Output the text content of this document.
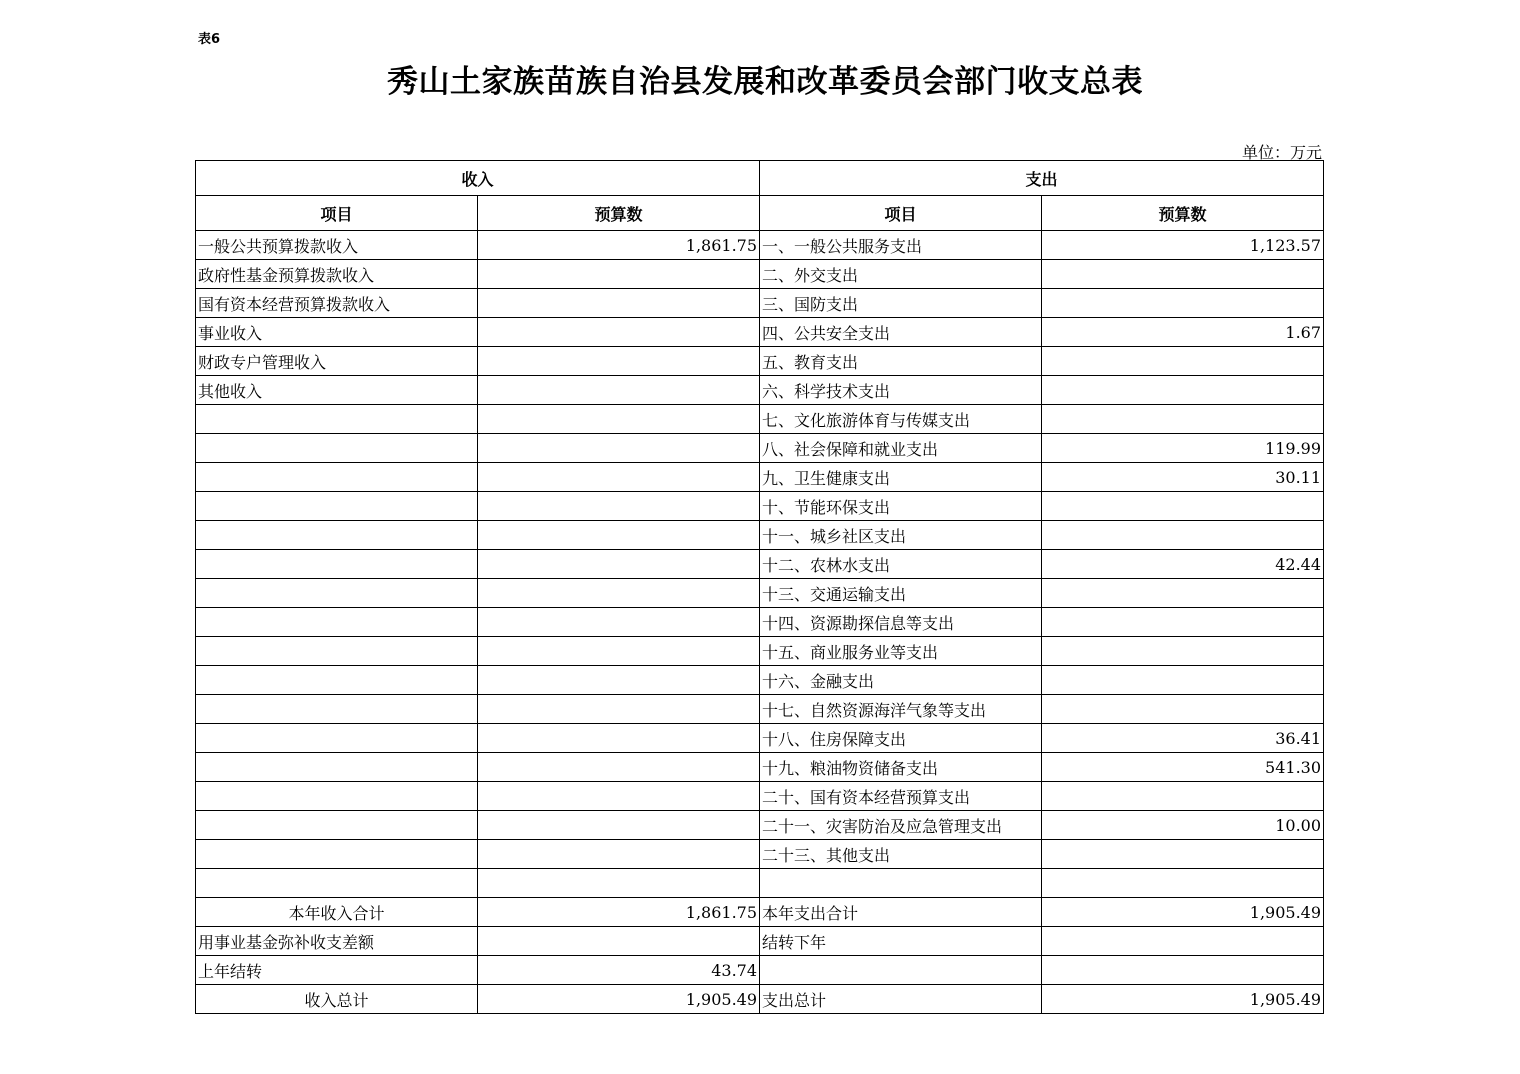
表6
秀山土家族苗族自治县发展和改革委员会部门收支总表
单位：万元
收入		支出	
项目	预算数	项目	预算数
一般公共预算拨款收入	1,861.75	一、一般公共服务支出	1,123.57
政府性基金预算拨款收入		二、外交支出	
国有资本经营预算拨款收入		三、国防支出	
事业收入		四、公共安全支出	1.67
财政专户管理收入		五、教育支出	
其他收入		六、科学技术支出	
		七、文化旅游体育与传媒支出	
		八、社会保障和就业支出	119.99
		九、卫生健康支出	30.11
		十、节能环保支出	
		十一、城乡社区支出	
		十二、农林水支出	42.44
		十三、交通运输支出	
		十四、资源勘探信息等支出	
		十五、商业服务业等支出	
		十六、金融支出	
		十七、自然资源海洋气象等支出	
		十八、住房保障支出	36.41
		十九、粮油物资储备支出	541.30
		二十、国有资本经营预算支出	
		二十一、灾害防治及应急管理支出	10.00
		二十三、其他支出	

本年收入合计	1,861.75	本年支出合计	1,905.49
用事业基金弥补收支差额		结转下年	
上年结转	43.74		
收入总计	1,905.49	支出总计	1,905.49
